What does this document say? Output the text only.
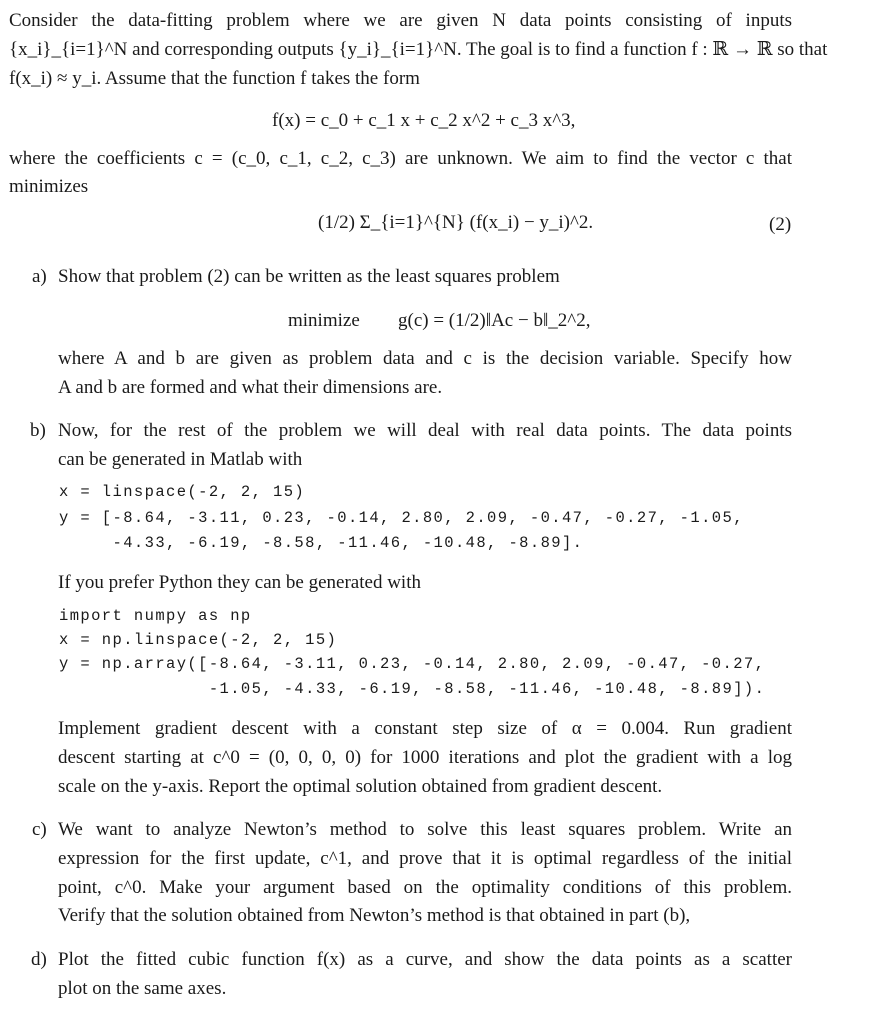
Consider the data-fitting problem where we are given N data points consisting of inputs
{x_i}_{i=1}^N and corresponding outputs {y_i}_{i=1}^N. The goal is to find a function f : ℝ → ℝ so that
f(x_i) ≈ y_i. Assume that the function f takes the form
f(x) = c_0 + c_1 x + c_2 x^2 + c_3 x^3,
where the coefficients c = (c_0, c_1, c_2, c_3) are unknown. We aim to find the vector c that
minimizes
(1/2) Σ_{i=1}^{N} (f(x_i) − y_i)^2.	(2)
a) Show that problem (2) can be written as the least squares problem
minimize g(c) = (1/2)‖Ac − b‖_2^2,
where A and b are given as problem data and c is the decision variable. Specify how
A and b are formed and what their dimensions are.
b) Now, for the rest of the problem we will deal with real data points. The data points
can be generated in Matlab with
x = linspace(-2, 2, 15)
y = [-8.64, -3.11, 0.23, -0.14, 2.80, 2.09, -0.47, -0.27, -1.05,
-4.33, -6.19, -8.58, -11.46, -10.48, -8.89].
If you prefer Python they can be generated with
import numpy as np
x = np.linspace(-2, 2, 15)
y = np.array([-8.64, -3.11, 0.23, -0.14, 2.80, 2.09, -0.47, -0.27,
-1.05, -4.33, -6.19, -8.58, -11.46, -10.48, -8.89]).
Implement gradient descent with a constant step size of α = 0.004. Run gradient
descent starting at c^0 = (0, 0, 0, 0) for 1000 iterations and plot the gradient with a log
scale on the y-axis. Report the optimal solution obtained from gradient descent.
c) We want to analyze Newton’s method to solve this least squares problem. Write an
expression for the first update, c^1, and prove that it is optimal regardless of the initial
point, c^0. Make your argument based on the optimality conditions of this problem.
Verify that the solution obtained from Newton’s method is that obtained in part (b),
d) Plot the fitted cubic function f(x) as a curve, and show the data points as a scatter
plot on the same axes.
